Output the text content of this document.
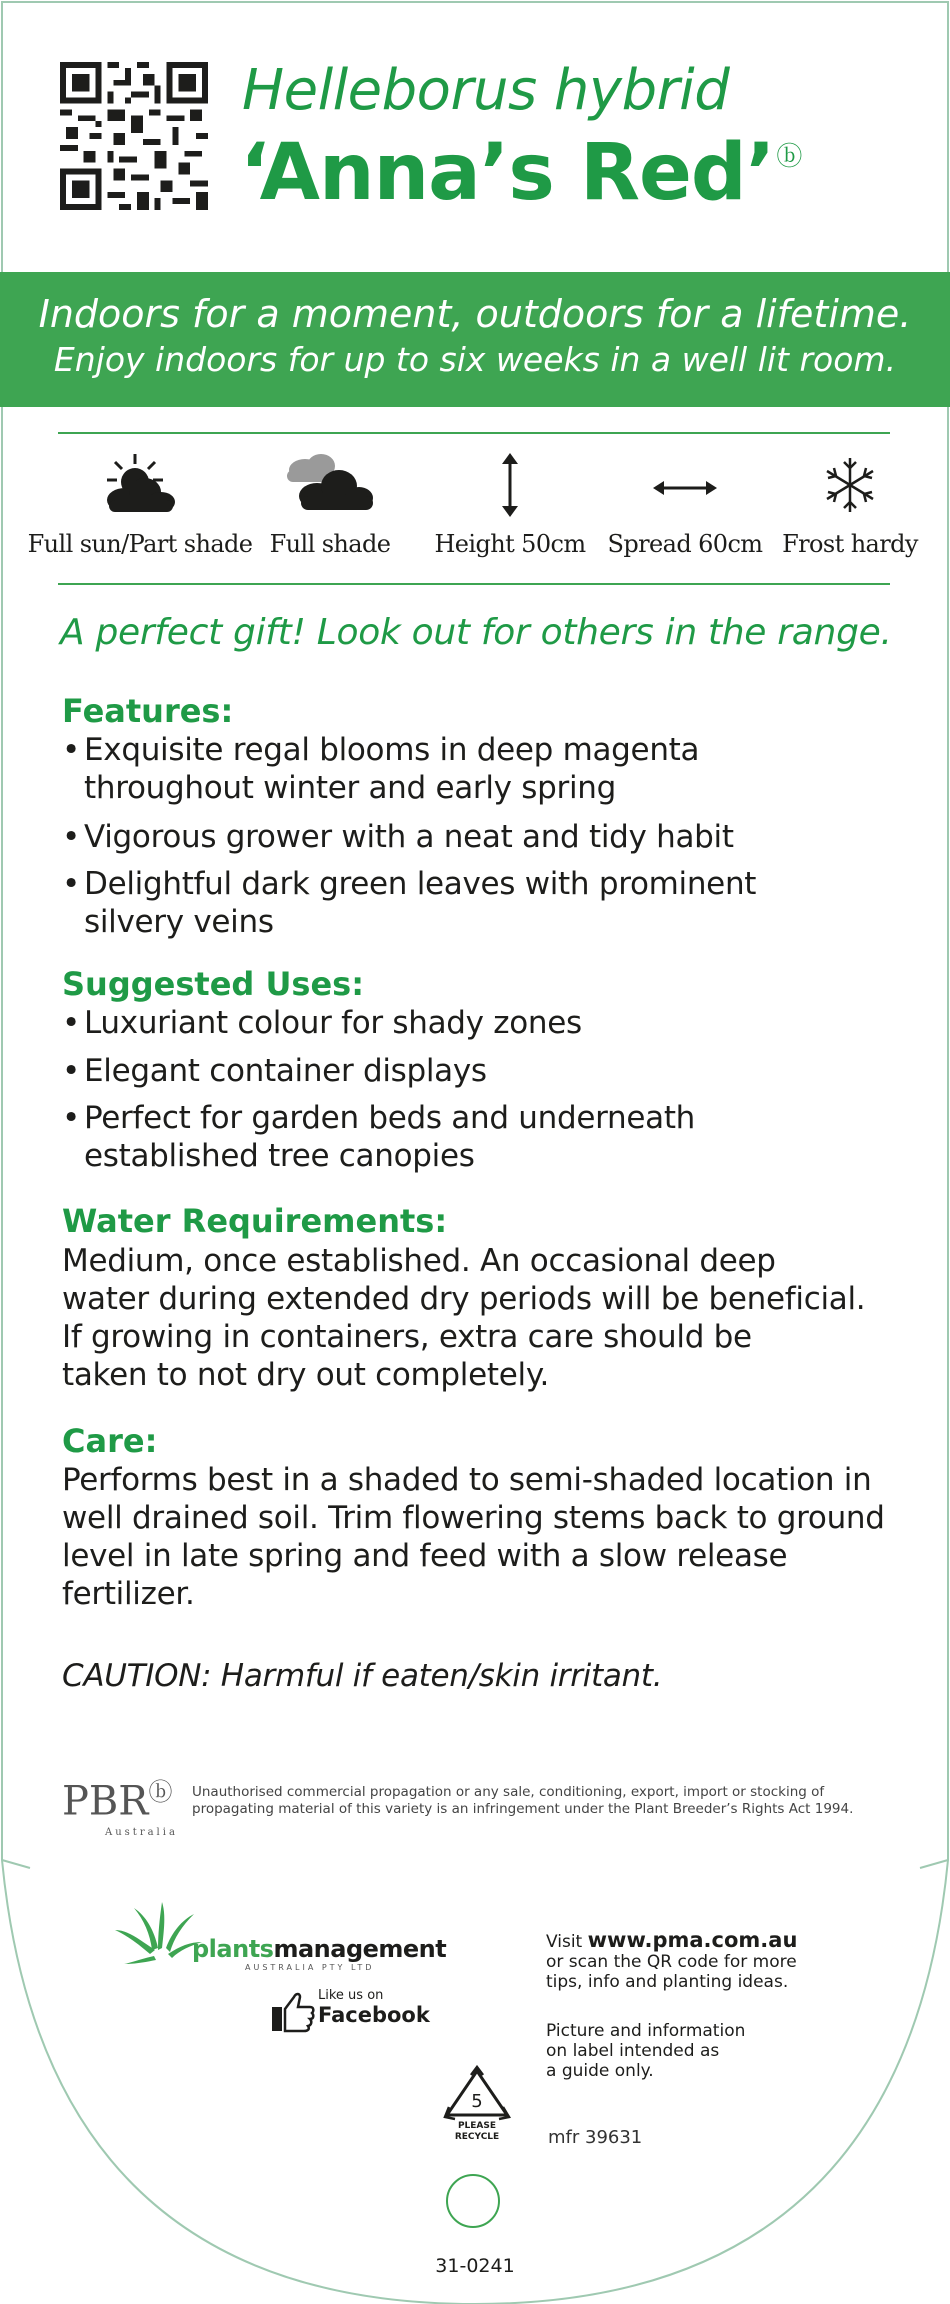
Helleborus hybrid
‘Anna’s Red’ⓑ
Indoors for a moment, outdoors for a lifetime.
Enjoy indoors for up to six weeks in a well lit room.
Full sun/Part shade Full shade	Height 50cm Spread 60cm Frost hardy
A perfect gift! Look out for others in the range.
Features:
• Exquisite regal blooms in deep magenta
throughout winter and early spring
• Vigorous grower with a neat and tidy habit
• Delightful dark green leaves with prominent
silvery veins
Suggested Uses:
• Luxuriant colour for shady zones
• Elegant container displays
• Perfect for garden beds and underneath
established tree canopies
Water Requirements:
Medium, once established. An occasional deep
water during extended dry periods will be beneficial.
If growing in containers, extra care should be
taken to not dry out completely.
Care:
Performs best in a shaded to semi-shaded location in
well drained soil. Trim flowering stems back to ground
level in late spring and feed with a slow release
fertilizer.
CAUTION: Harmful if eaten/skin irritant.
PBRⓑ
Australia
Unauthorised commercial propagation or any sale, conditioning, export, import or stocking of propagating material of this variety is an infringement under the Plant Breeder’s Rights Act 1994.
plantsmanagement
AUSTRALIA PTY LTD
Like us on
Facebook
Visit www.pma.com.au
or scan the QR code for more
tips, info and planting ideas.
Picture and information
on label intended as
a guide only.
5
PLEASE
RECYCLE	mfr 39631
31-0241
